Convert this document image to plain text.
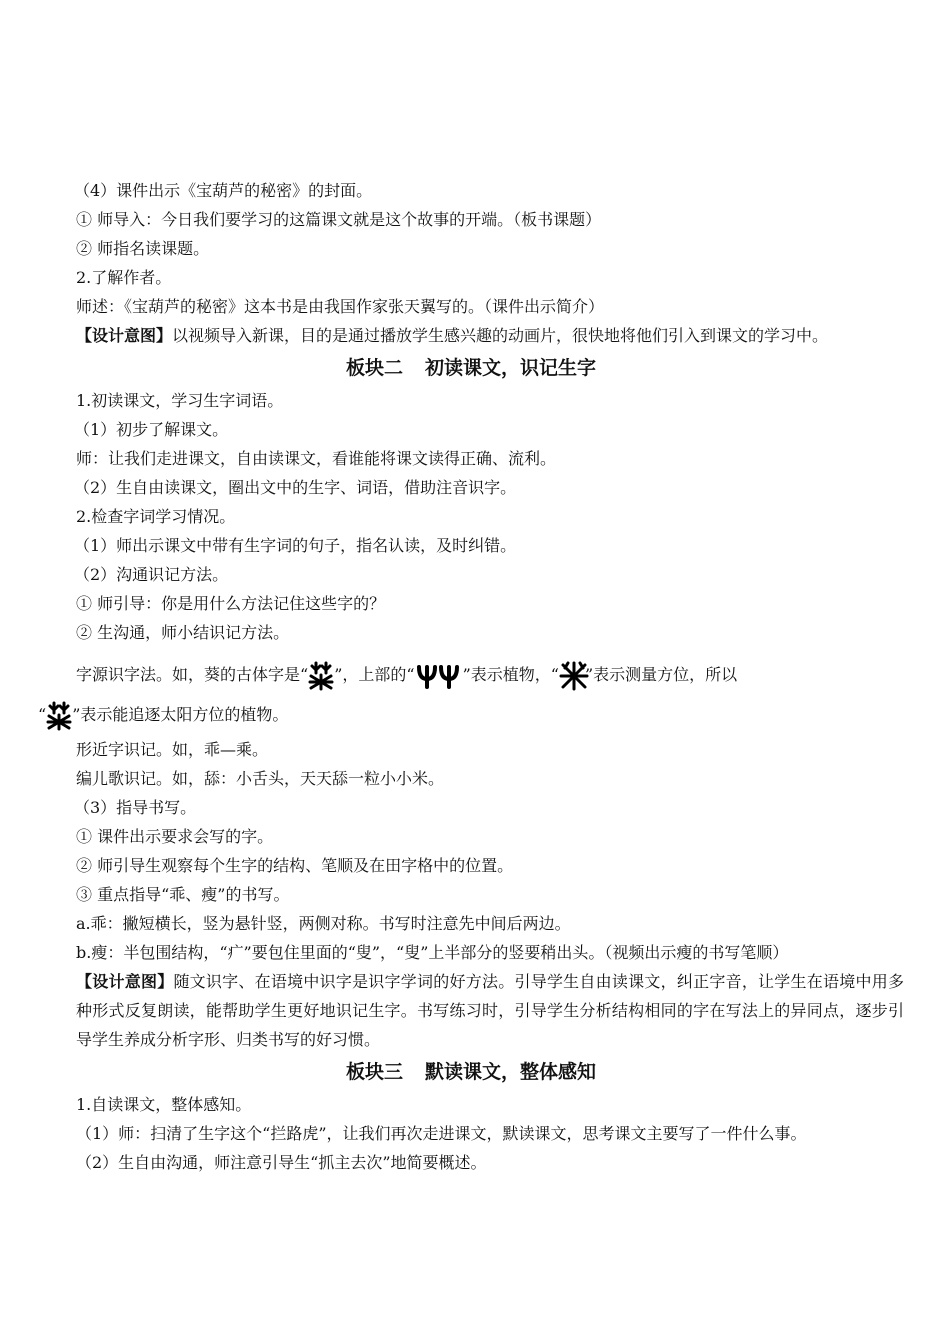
（4）课件出示《宝葫芦的秘密》的封面。

① 师导入：今日我们要学习的这篇课文就是这个故事的开端。（板书课题）

② 师指名读课题。

2.了解作者。

师述：《宝葫芦的秘密》这本书是由我国作家张天翼写的。（课件出示简介）

【设计意图】以视频导入新课，目的是通过播放学生感兴趣的动画片，很快地将他们引入到课文的学习中。

板块二 初读课文，识记生字

1.初读课文，学习生字词语。

（1）初步了解课文。

师：让我们走进课文，自由读课文，看谁能将课文读得正确、流利。

（2）生自由读课文，圈出文中的生字、词语，借助注音识字。

2.检查字词学习情况。

（1）师出示课文中带有生字词的句子，指名认读，及时纠错。

（2）沟通识记方法。

① 师引导：你是用什么方法记住这些字的？

② 生沟通，师小结识记方法。

字源识字法。如，葵的古体字是“ ”，上部的“	”表示植物，“ ”表示测量方位，所以

“ ”表示能追逐太阳方位的植物。

形近字识记。如，乖—乘。

编儿歌识记。如，舔：小舌头，天天舔一粒小小米。

（3）指导书写。

① 课件出示要求会写的字。

② 师引导生观察每个生字的结构、笔顺及在田字格中的位置。

③ 重点指导“乖、瘦”的书写。

a.乖：撇短横长，竖为悬针竖，两侧对称。书写时注意先中间后两边。

b.瘦：半包围结构，“疒”要包住里面的“叟”，“叟”上半部分的竖要稍出头。（视频出示瘦的书写笔顺）

【设计意图】随文识字、在语境中识字是识字学词的好方法。引导学生自由读课文，纠正字音，让学生在语境中用多种形式反复朗读，能帮助学生更好地识记生字。书写练习时，引导学生分析结构相同的字在写法上的异同点，逐步引导学生养成分析字形、归类书写的好习惯。

板块三 默读课文，整体感知

1.自读课文，整体感知。

（1）师：扫清了生字这个“拦路虎”，让我们再次走进课文，默读课文，思考课文主要写了一件什么事。

（2）生自由沟通，师注意引导生“抓主去次”地简要概述。
